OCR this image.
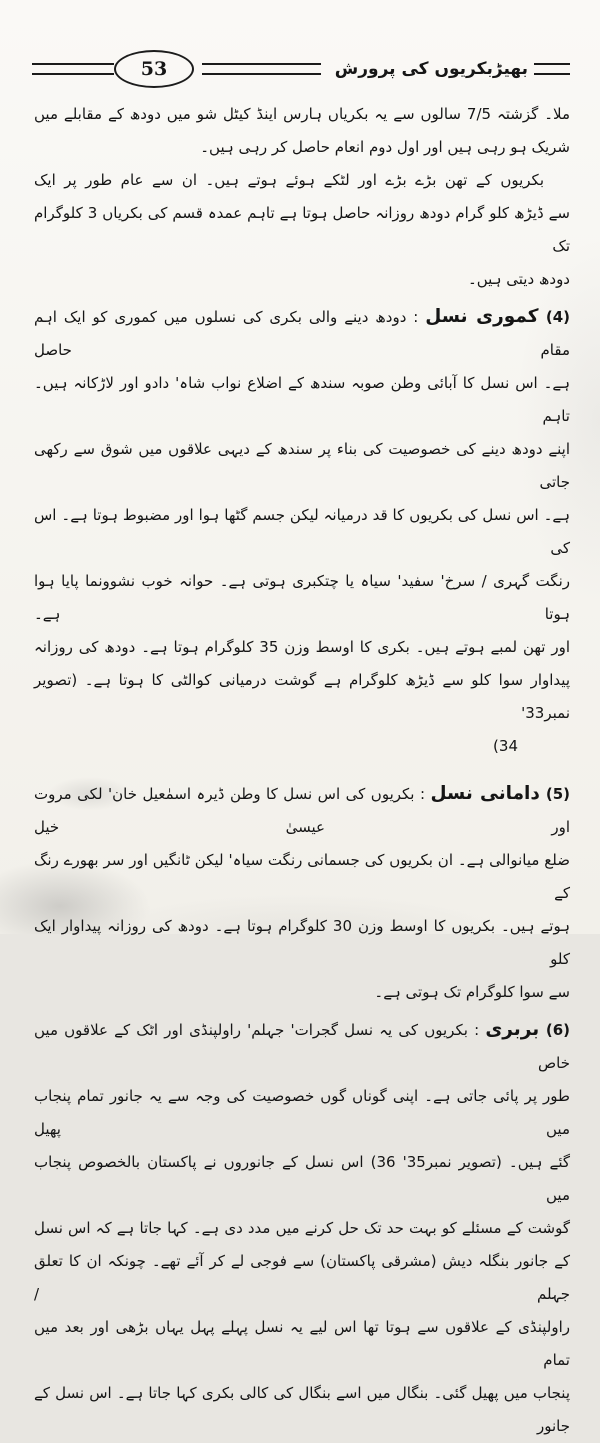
بھیڑبکریوں کی پرورش
53
ملا۔ گزشتہ 7/5 سالوں سے یہ بکریاں ہارس اینڈ کیٹل شو میں دودھ کے مقابلے میں
شریک ہو رہی ہیں اور اول دوم انعام حاصل کر رہی ہیں۔
بکریوں کے تھن بڑے بڑے اور لٹکے ہوئے ہوتے ہیں۔ ان سے عام طور پر ایک
سے ڈیڑھ کلو گرام دودھ روزانہ حاصل ہوتا ہے تاہم عمدہ قسم کی بکریاں 3 کلوگرام تک
دودھ دیتی ہیں۔
(4) کموری نسل : دودھ دینے والی بکری کی نسلوں میں کموری کو ایک اہم مقام حاصل
ہے۔ اس نسل کا آبائی وطن صوبہ سندھ کے اضلاع نواب شاہ' دادو اور لاڑکانہ ہیں۔ تاہم
اپنے دودھ دینے کی خصوصیت کی بناء پر سندھ کے دیہی علاقوں میں شوق سے رکھی جاتی
ہے۔ اس نسل کی بکریوں کا قد درمیانہ لیکن جسم گٹھا ہوا اور مضبوط ہوتا ہے۔ اس کی
رنگت گہری / سرخ' سفید' سیاہ یا چتکبری ہوتی ہے۔ حوانہ خوب نشوونما پایا ہوا ہوتا ہے۔
اور تھن لمبے ہوتے ہیں۔ بکری کا اوسط وزن 35 کلوگرام ہوتا ہے۔ دودھ کی روزانہ
پیداوار سوا کلو سے ڈیڑھ کلوگرام ہے گوشت درمیانی کوالٹی کا ہوتا ہے۔ (تصویر نمبر33'
(34
(5) دامانی نسل : بکریوں کی اس نسل کا وطن ڈیرہ اسمٰعیل خان' لکی مروت اور عیسیٰ خیل
ضلع میانوالی ہے۔ ان بکریوں کی جسمانی رنگت سیاہ' لیکن ٹانگیں اور سر بھورے رنگ کے
ہوتے ہیں۔ بکریوں کا اوسط وزن 30 کلوگرام ہوتا ہے۔ دودھ کی روزانہ پیداوار ایک کلو
سے سوا کلوگرام تک ہوتی ہے۔
(6) بربری : بکریوں کی یہ نسل گجرات' جہلم' راولپنڈی اور اٹک کے علاقوں میں خاص
طور پر پائی جاتی ہے۔ اپنی گوناں گوں خصوصیت کی وجہ سے یہ جانور تمام پنجاب میں پھیل
گئے ہیں۔ (تصویر نمبر35' 36) اس نسل کے جانوروں نے پاکستان بالخصوص پنجاب میں
گوشت کے مسئلے کو بہت حد تک حل کرنے میں مدد دی ہے۔ کہا جاتا ہے کہ اس نسل
کے جانور بنگلہ دیش (مشرقی پاکستان) سے فوجی لے کر آئے تھے۔ چونکہ ان کا تعلق جہلم /
راولپنڈی کے علاقوں سے ہوتا تھا اس لیے یہ نسل پہلے پہل یہاں بڑھی اور بعد میں تمام
پنجاب میں پھیل گئی۔ بنگال میں اسے بنگال کی کالی بکری کہا جاتا ہے۔ اس نسل کے جانور
